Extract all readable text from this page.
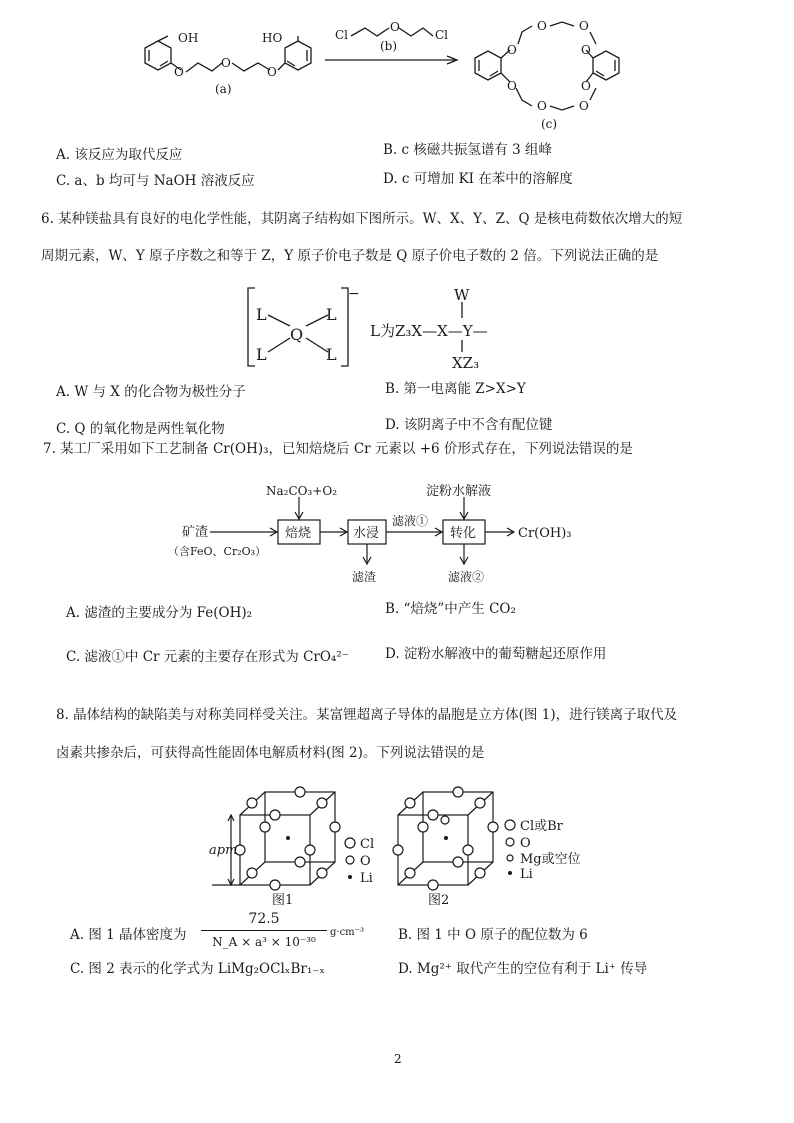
OH	HO
O
O
O
(a)
Cl
O
Cl
(b)	O
O	O
O
O
O	O
O
(c)
A. 该反应为取代反应	B. c 核磁共振氢谱有 3 组峰
C. a、b 均可与 NaOH 溶液反应	D. c 可增加 KI 在苯中的溶解度
6. 某种镁盐具有良好的电化学性能，其阴离子结构如下图所示。W、X、Y、Z、Q 是核电荷数依次增大的短
周期元素，W、Y 原子序数之和等于 Z，Y 原子价电子数是 Q 原子价电子数的 2 倍。下列说法正确的是
L	L
L	L
Q
−	W
L为Z₃X—X—Y—
XZ₃
A. W 与 X 的化合物为极性分子	B. 第一电离能 Z>X>Y
C. Q 的氧化物是两性氧化物	D. 该阴离子中不含有配位键
7. 某工厂采用如下工艺制备 Cr(OH)₃，已知焙烧后 Cr 元素以 +6 价形式存在，下列说法错误的是
Na₂CO₃+O₂	淀粉水解液
矿渣
（含FeO、Cr₂O₃）
焙烧	水浸	转化
滤液①
滤渣	滤液②
Cr(OH)₃
A. 滤渣的主要成分为 Fe(OH)₂	B. “焙烧”中产生 CO₂
C. 滤液①中 Cr 元素的主要存在形式为 CrO₄²⁻	D. 淀粉水解液中的葡萄糖起还原作用
8. 晶体结构的缺陷美与对称美同样受关注。某富锂超离子导体的晶胞是立方体(图 1)，进行镁离子取代及
卤素共掺杂后，可获得高性能固体电解质材料(图 2)。下列说法错误的是
apm	Cl
O
Li
Cl或Br
O
Mg或空位
Li
图1	图2
A. 图 1 晶体密度为
72.5
N_A × a³ × 10⁻³⁰
g·cm⁻³	B. 图 1 中 O 原子的配位数为 6
C. 图 2 表示的化学式为 LiMg₂OClₓBr₁₋ₓ	D. Mg²⁺ 取代产生的空位有利于 Li⁺ 传导
2
